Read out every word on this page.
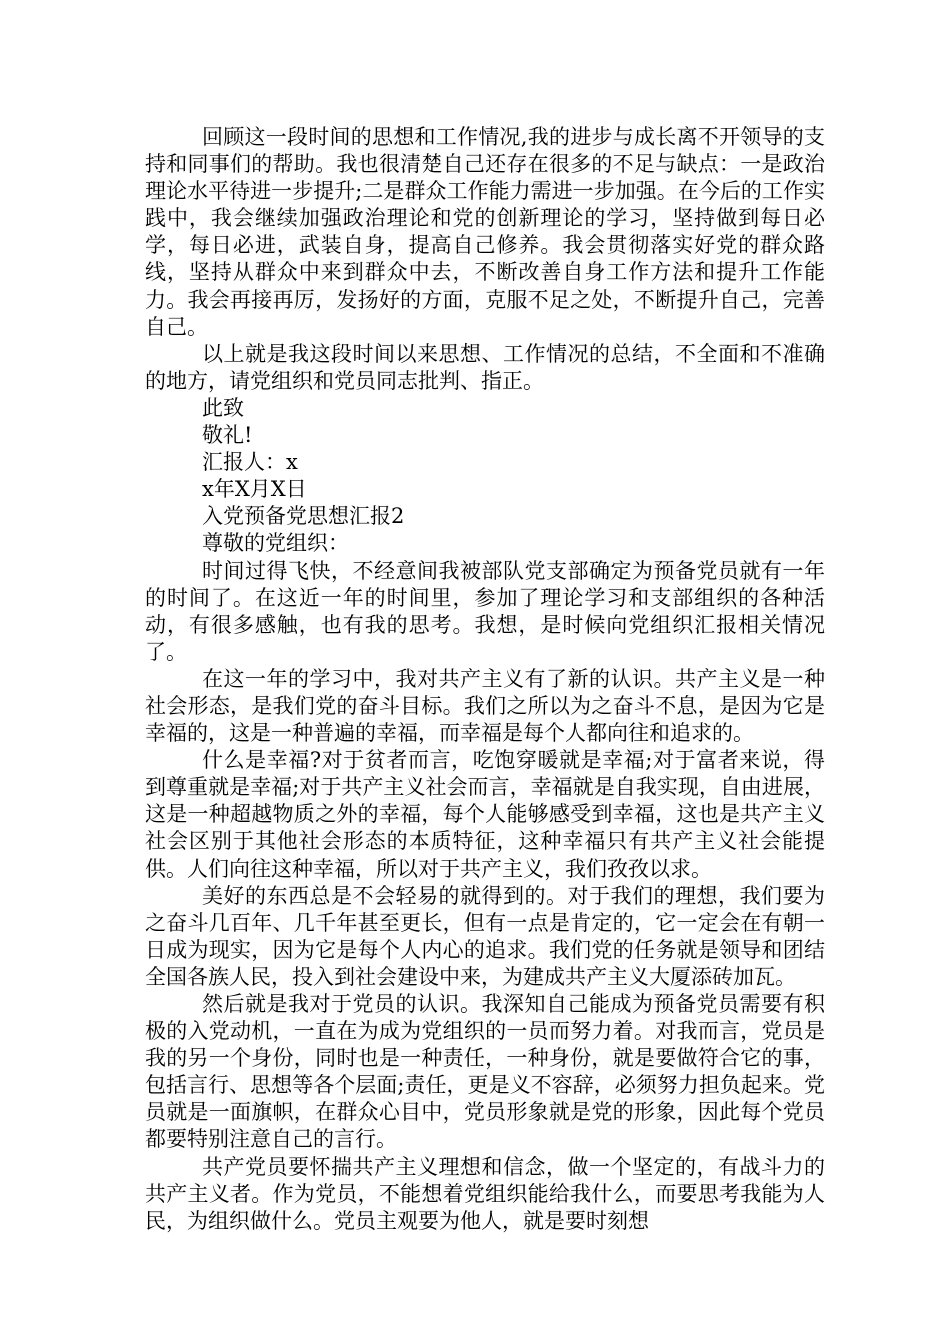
回顾这一段时间的思想和工作情况,我的进步与成长离不开领导的支持和同事们的帮助。我也很清楚自己还存在很多的不足与缺点：一是政治理论水平待进一步提升;二是群众工作能力需进一步加强。在今后的工作实践中，我会继续加强政治理论和党的创新理论的学习，坚持做到每日必学，每日必进，武装自身，提高自己修养。我会贯彻落实好党的群众路线，坚持从群众中来到群众中去，不断改善自身工作方法和提升工作能力。我会再接再厉，发扬好的方面，克服不足之处，不断提升自己，完善自己。

以上就是我这段时间以来思想、工作情况的总结，不全面和不准确的地方，请党组织和党员同志批判、指正。

此致

敬礼!

汇报人：x

x年X月X日

入党预备党思想汇报2

尊敬的党组织：

时间过得飞快，不经意间我被部队党支部确定为预备党员就有一年的时间了。在这近一年的时间里，参加了理论学习和支部组织的各种活动，有很多感触，也有我的思考。我想，是时候向党组织汇报相关情况了。

在这一年的学习中，我对共产主义有了新的认识。共产主义是一种社会形态，是我们党的奋斗目标。我们之所以为之奋斗不息，是因为它是幸福的，这是一种普遍的幸福，而幸福是每个人都向往和追求的。

什么是幸福?对于贫者而言，吃饱穿暖就是幸福;对于富者来说，得到尊重就是幸福;对于共产主义社会而言，幸福就是自我实现，自由进展，这是一种超越物质之外的幸福，每个人能够感受到幸福，这也是共产主义社会区别于其他社会形态的本质特征，这种幸福只有共产主义社会能提供。人们向往这种幸福，所以对于共产主义，我们孜孜以求。

美好的东西总是不会轻易的就得到的。对于我们的理想，我们要为之奋斗几百年、几千年甚至更长，但有一点是肯定的，它一定会在有朝一日成为现实，因为它是每个人内心的追求。我们党的任务就是领导和团结全国各族人民，投入到社会建设中来，为建成共产主义大厦添砖加瓦。

然后就是我对于党员的认识。我深知自己能成为预备党员需要有积极的入党动机，一直在为成为党组织的一员而努力着。对我而言，党员是我的另一个身份，同时也是一种责任，一种身份，就是要做符合它的事，包括言行、思想等各个层面;责任，更是义不容辞，必须努力担负起来。党员就是一面旗帜，在群众心目中，党员形象就是党的形象，因此每个党员都要特别注意自己的言行。

共产党员要怀揣共产主义理想和信念，做一个坚定的，有战斗力的共产主义者。作为党员，不能想着党组织能给我什么，而要思考我能为人民，为组织做什么。党员主观要为他人，就是要时刻想
